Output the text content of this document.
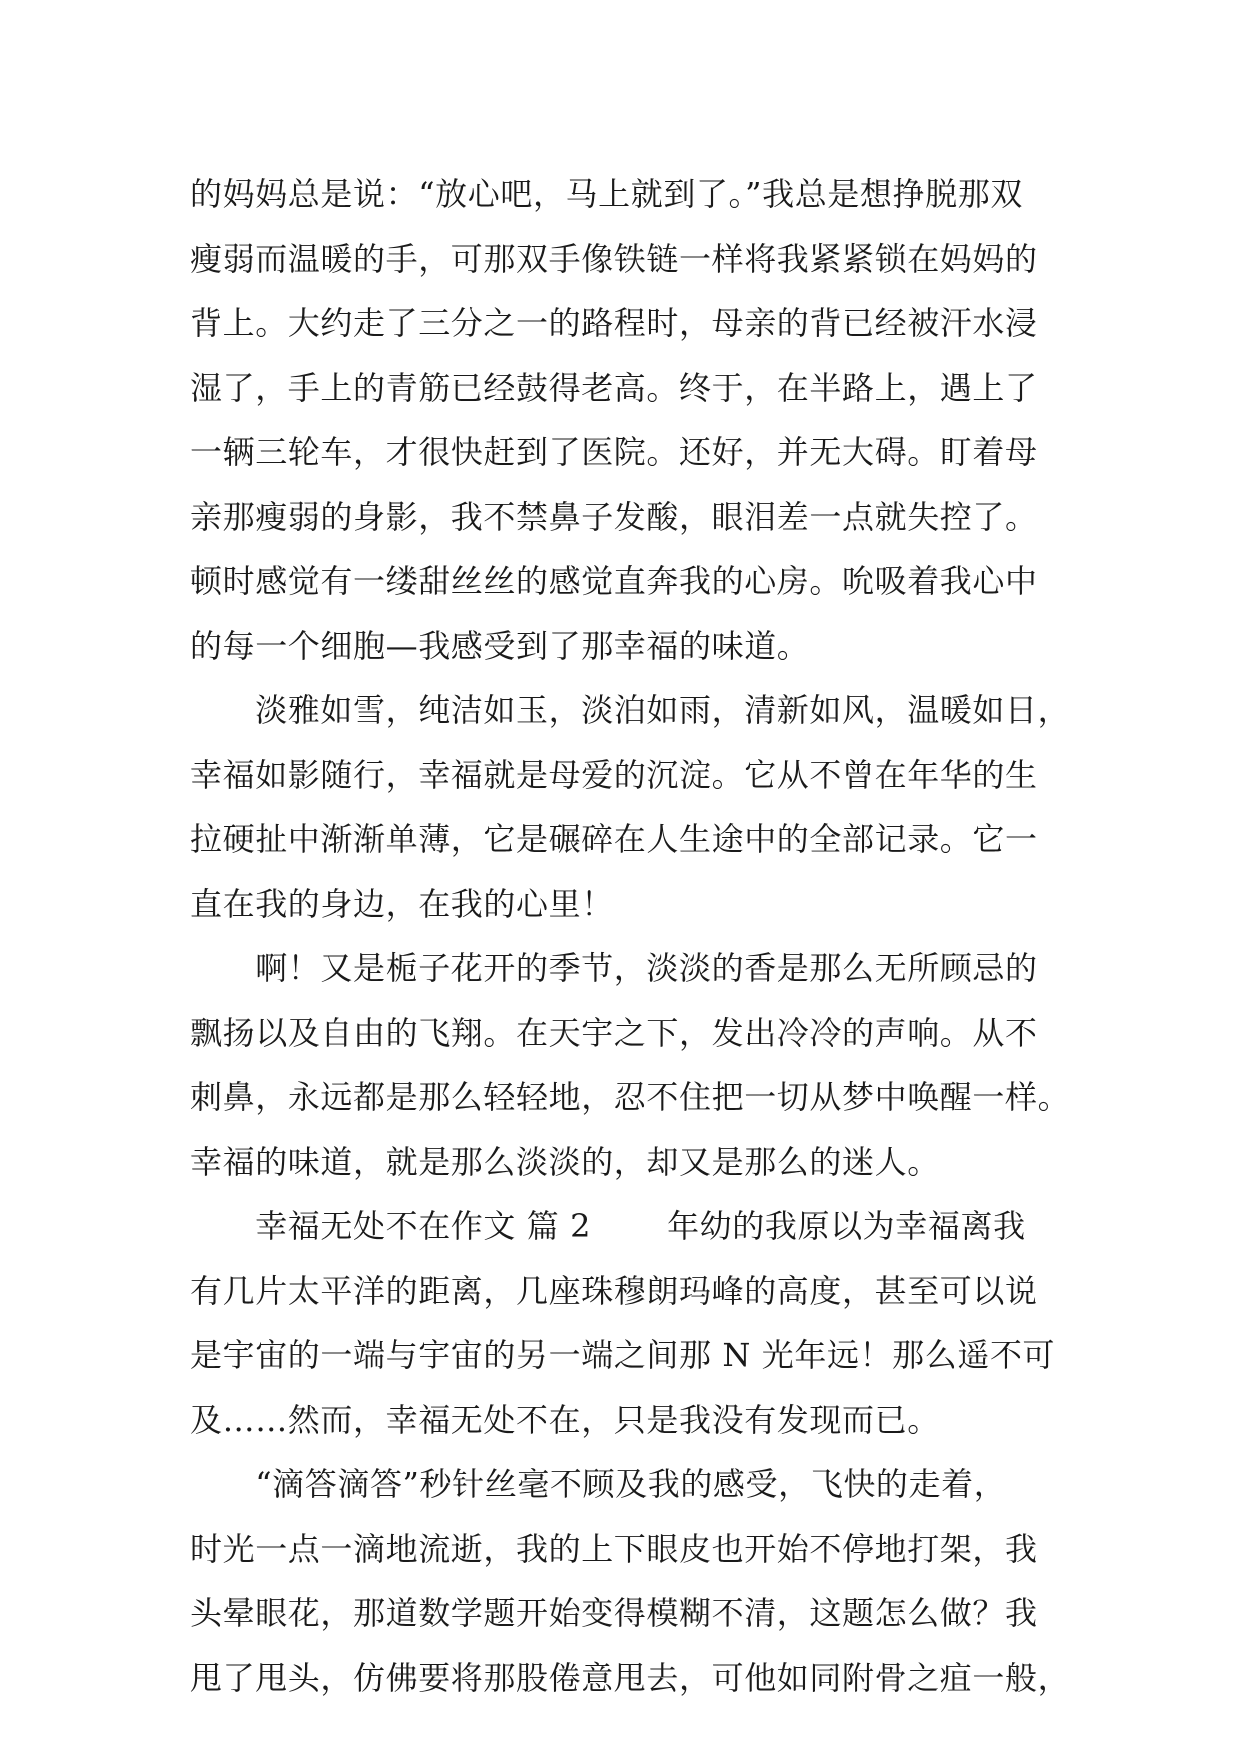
的妈妈总是说：“放心吧，马上就到了。”我总是想挣脱那双

瘦弱而温暖的手，可那双手像铁链一样将我紧紧锁在妈妈的

背上。大约走了三分之一的路程时，母亲的背已经被汗水浸

湿了，手上的青筋已经鼓得老高。终于，在半路上，遇上了

一辆三轮车，才很快赶到了医院。还好，并无大碍。盯着母

亲那瘦弱的身影，我不禁鼻子发酸，眼泪差一点就失控了。

顿时感觉有一缕甜丝丝的感觉直奔我的心房。吮吸着我心中

的每一个细胞—我感受到了那幸福的味道。

　　淡雅如雪，纯洁如玉，淡泊如雨，清新如风，温暖如日，

幸福如影随行，幸福就是母爱的沉淀。它从不曾在年华的生

拉硬扯中渐渐单薄，它是碾碎在人生途中的全部记录。它一

直在我的身边，在我的心里！

　　啊！又是栀子花开的季节，淡淡的香是那么无所顾忌的

飘扬以及自由的飞翔。在天宇之下，发出冷冷的声响。从不

刺鼻，永远都是那么轻轻地，忍不住把一切从梦中唤醒一样。

幸福的味道，就是那么淡淡的，却又是那么的迷人。

　　幸福无处不在作文 篇 2　　 年幼的我原以为幸福离我

有几片太平洋的距离，几座珠穆朗玛峰的高度，甚至可以说

是宇宙的一端与宇宙的另一端之间那 N 光年远！那么遥不可

及……然而，幸福无处不在，只是我没有发现而已。

　　“滴答滴答”秒针丝毫不顾及我的感受，飞快的走着，

时光一点一滴地流逝，我的上下眼皮也开始不停地打架，我

头晕眼花，那道数学题开始变得模糊不清，这题怎么做？我

甩了甩头，仿佛要将那股倦意甩去，可他如同附骨之疽一般，
